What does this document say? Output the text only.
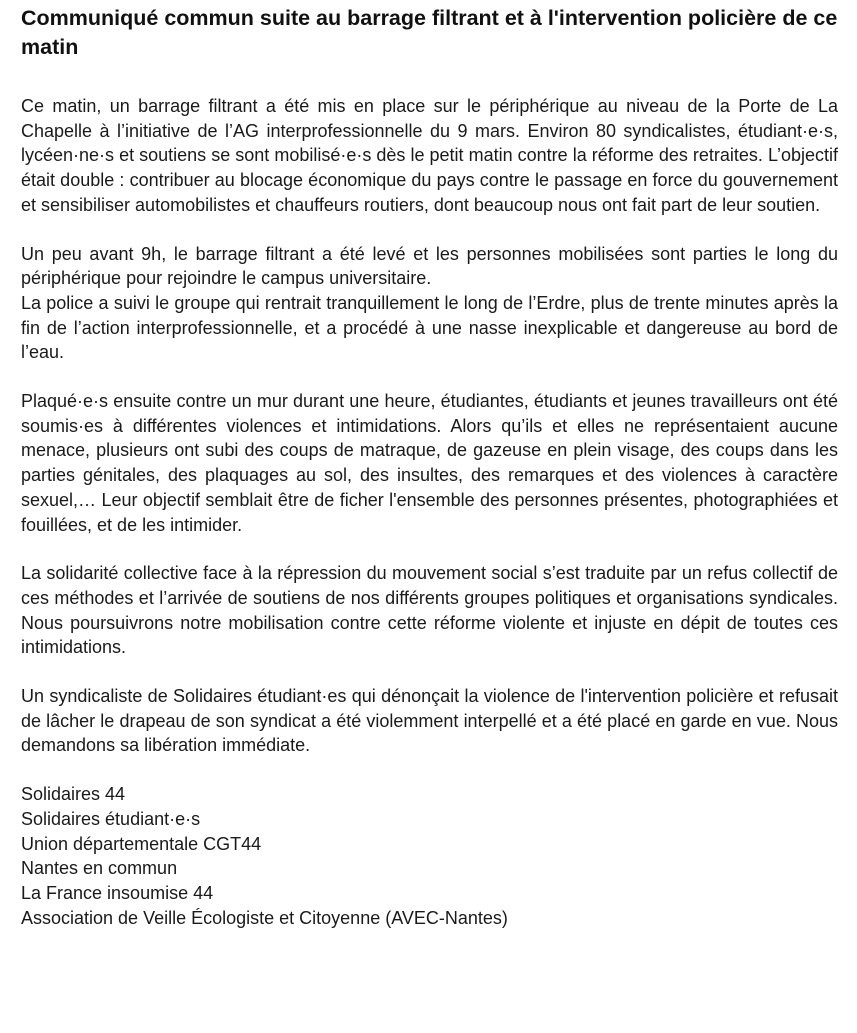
Communiqué commun suite au barrage filtrant et à l'intervention policière de ce matin

Ce matin, un barrage filtrant a été mis en place sur le périphérique au niveau de la Porte de La Chapelle à l’initiative de l’AG interprofessionnelle du 9 mars. Environ 80 syndicalistes, étudiant·e·s, lycéen·ne·s et soutiens se sont mobilisé·e·s dès le petit matin contre la réforme des retraites. L’objectif était double : contribuer au blocage économique du pays contre le passage en force du gouvernement et sensibiliser automobilistes et chauffeurs routiers, dont beaucoup nous ont fait part de leur soutien.

Un peu avant 9h, le barrage filtrant a été levé et les personnes mobilisées sont parties le long du périphérique pour rejoindre le campus universitaire.

La police a suivi le groupe qui rentrait tranquillement le long de l’Erdre, plus de trente minutes après la fin de l’action interprofessionnelle, et a procédé à une nasse inexplicable et dangereuse au bord de l’eau.

Plaqué·e·s ensuite contre un mur durant une heure, étudiantes, étudiants et jeunes travailleurs ont été soumis·es à différentes violences et intimidations. Alors qu’ils et elles ne représentaient aucune menace, plusieurs ont subi des coups de matraque, de gazeuse en plein visage, des coups dans les parties génitales, des plaquages au sol, des insultes, des remarques et des violences à caractère sexuel,… Leur objectif semblait être de ficher l'ensemble des personnes présentes, photographiées et fouillées, et de les intimider.

La solidarité collective face à la répression du mouvement social s’est traduite par un refus collectif de ces méthodes et l’arrivée de soutiens de nos différents groupes politiques et organisations syndicales. Nous poursuivrons notre mobilisation contre cette réforme violente et injuste en dépit de toutes ces intimidations.

Un syndicaliste de Solidaires étudiant·es qui dénonçait la violence de l'intervention policière et refusait de lâcher le drapeau de son syndicat a été violemment interpellé et a été placé en garde en vue. Nous demandons sa libération immédiate.

Solidaires 44
Solidaires étudiant·e·s
Union départementale CGT44
Nantes en commun
La France insoumise 44
Association de Veille Écologiste et Citoyenne (AVEC-Nantes)
